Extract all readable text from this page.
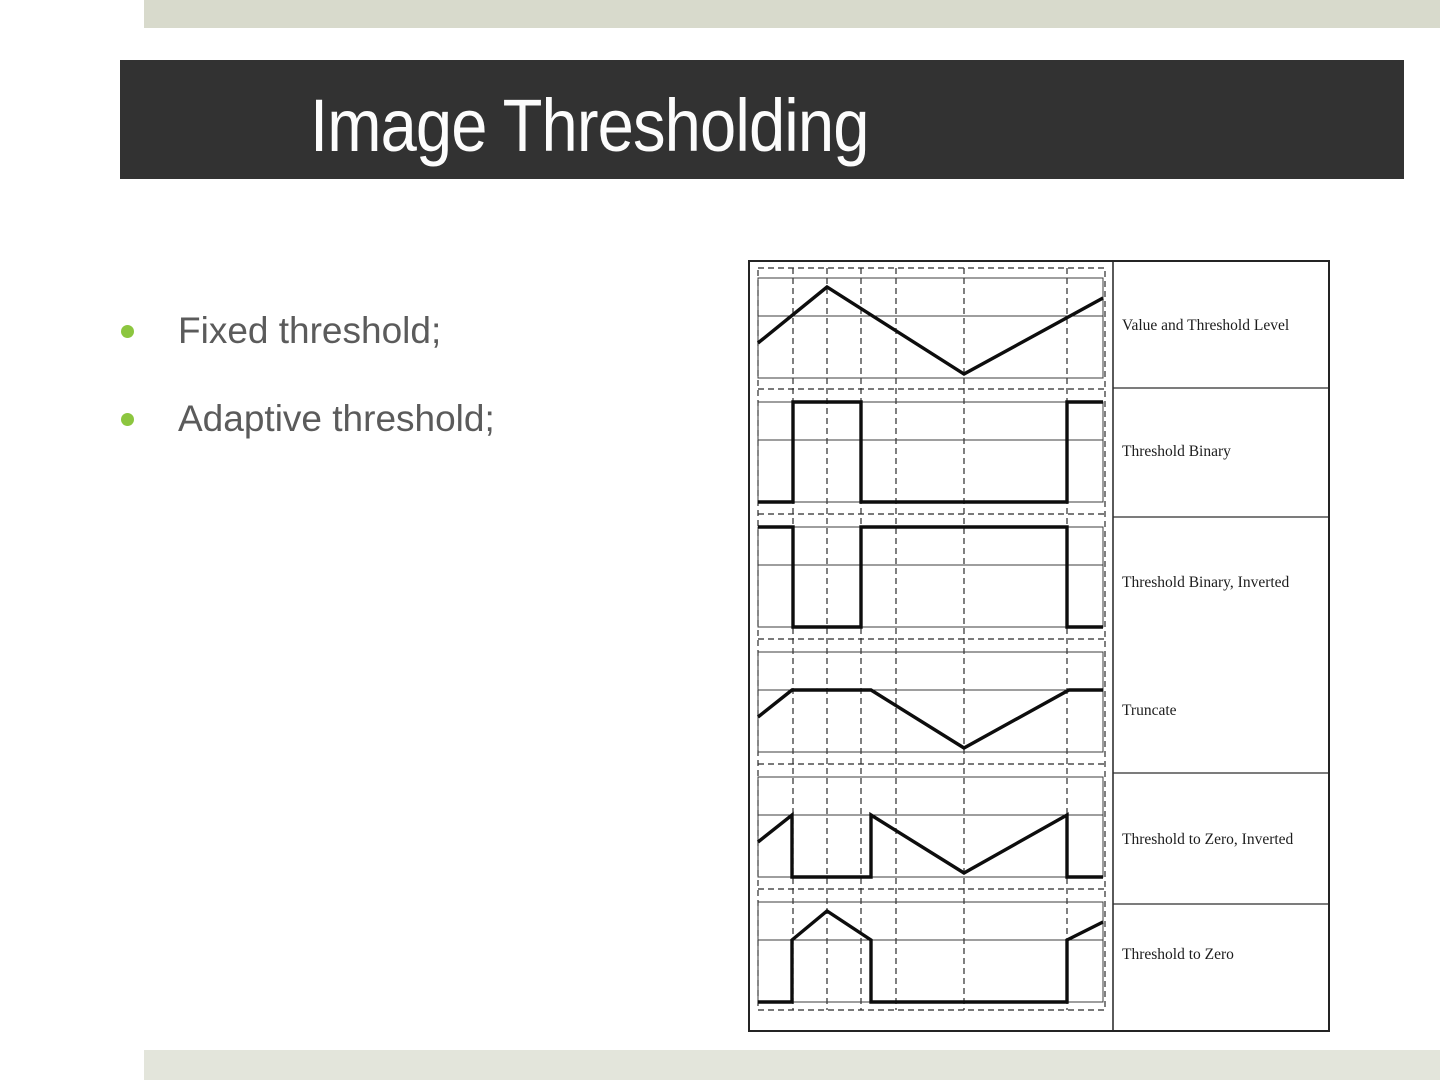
Image Thresholding
Fixed threshold;
Adaptive threshold;
Value and Threshold Level
Threshold Binary
Threshold Binary, Inverted
Truncate
Threshold to Zero, Inverted
Threshold to Zero
